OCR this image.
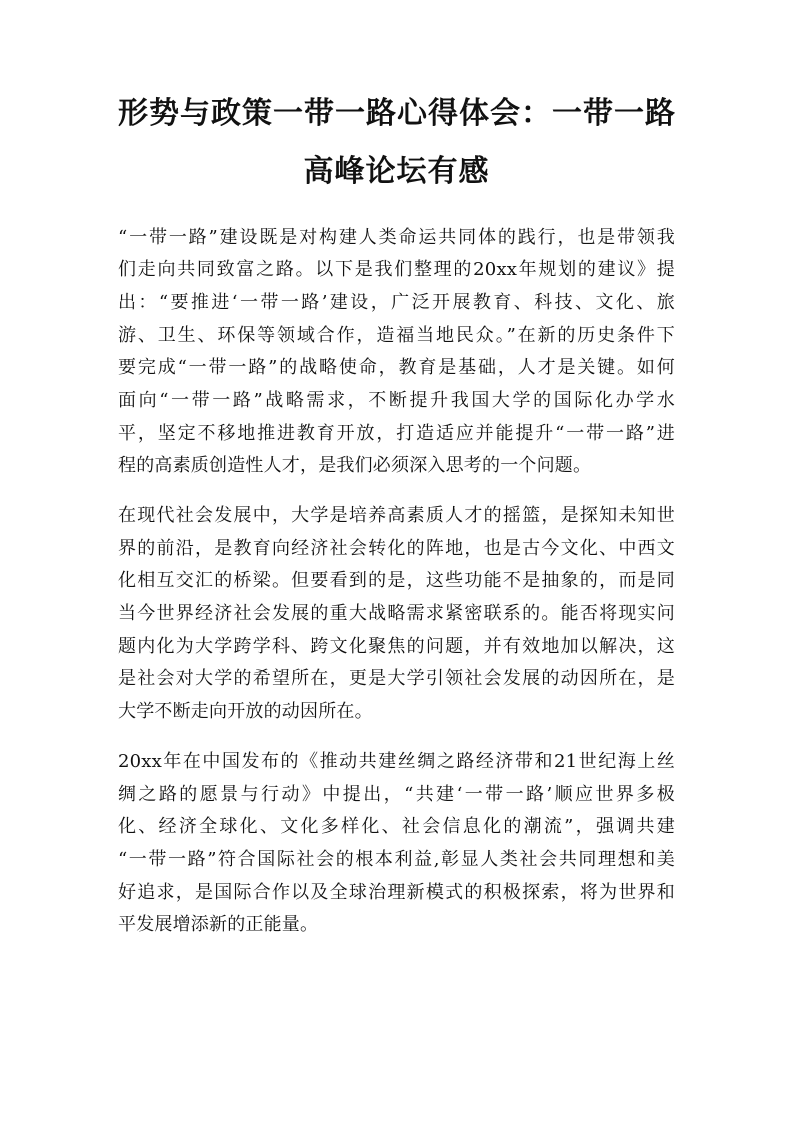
形势与政策一带一路心得体会：一带一路
高峰论坛有感
“一带一路”建设既是对构建人类命运共同体的践行，也是带领我
们走向共同致富之路。以下是我们整理的20xx年规划的建议》提
出：“要推进‘一带一路’建设，广泛开展教育、科技、文化、旅
游、卫生、环保等领域合作，造福当地民众。”在新的历史条件下
要完成“一带一路”的战略使命，教育是基础，人才是关键。如何
面向“一带一路”战略需求，不断提升我国大学的国际化办学水
平，坚定不移地推进教育开放，打造适应并能提升“一带一路”进
程的高素质创造性人才，是我们必须深入思考的一个问题。
在现代社会发展中，大学是培养高素质人才的摇篮，是探知未知世
界的前沿，是教育向经济社会转化的阵地，也是古今文化、中西文
化相互交汇的桥梁。但要看到的是，这些功能不是抽象的，而是同
当今世界经济社会发展的重大战略需求紧密联系的。能否将现实问
题内化为大学跨学科、跨文化聚焦的问题，并有效地加以解决，这
是社会对大学的希望所在，更是大学引领社会发展的动因所在，是
大学不断走向开放的动因所在。
20xx年在中国发布的《推动共建丝绸之路经济带和21世纪海上丝
绸之路的愿景与行动》中提出，“共建‘一带一路’顺应世界多极
化、经济全球化、文化多样化、社会信息化的潮流”，强调共建
“一带一路”符合国际社会的根本利益,彰显人类社会共同理想和美
好追求，是国际合作以及全球治理新模式的积极探索，将为世界和
平发展增添新的正能量。
